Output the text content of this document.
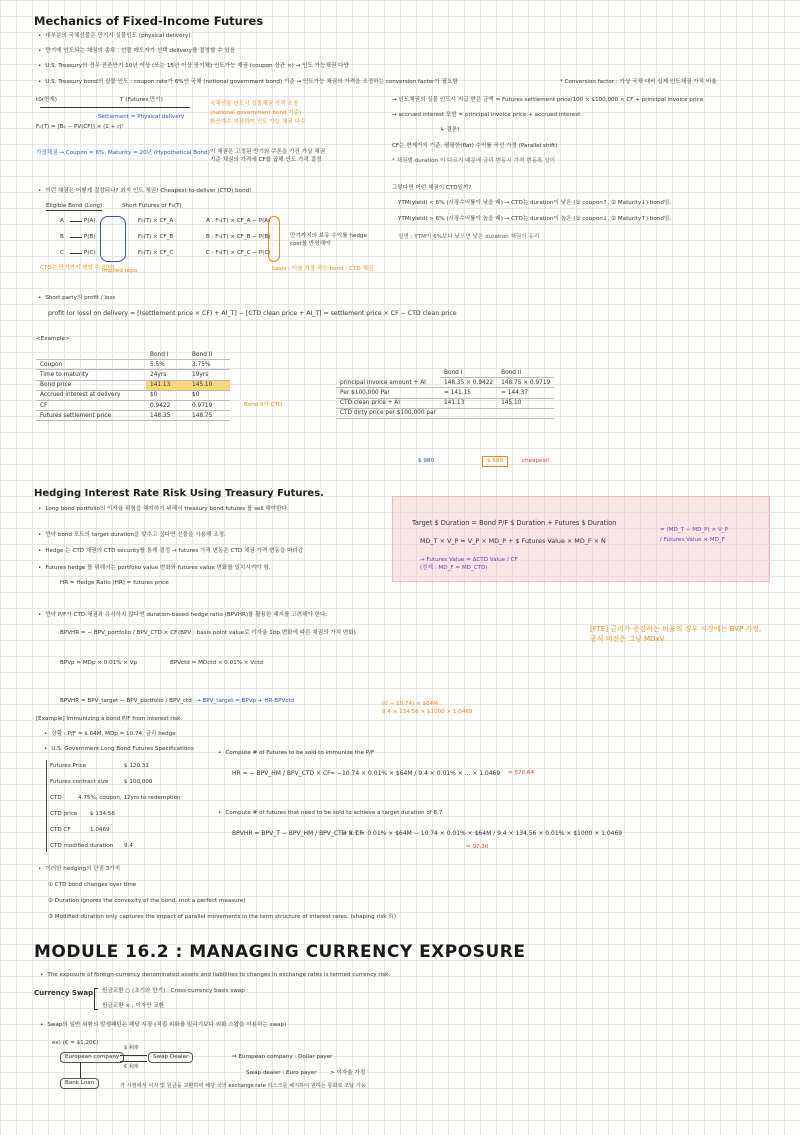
Mechanics of Fixed-Income Futures
• 대부분의 국채선물은 만기시 실물인도 (physical delivery)
• 만기에 인도되는 채권의 종류 : 선물 매도자가 선택 delivery를 결정할 수 있음
• U.S. Treasury의 경우 잔존만기 10년 이상 (또는 15년 이상 장기채) 인도가능 채권 (coupon 상관 ×) → 인도 가능채권 다양
• U.S. Treasury bond의 실물 인도 : coupon rate가 6%인 국채 (notional government bond) 기준 → 인도가능 채권의 가격을 조정하는 conversion factor가 필요함	* Conversion factor : 가상 국채 대비 실제 인도채권 가치 비율
t0(현재)	T (Futures 만기)
Settlement = Physical delivery
F₀(T) = [B₀ − PV(CF)] × (1 + r)ᵀ
가정채권 → Coupon = 6%, Maturity = 20년 (Hypothetical Bond)
국채선물 인도시 실물채권 가격 조정
(national government bond 기준)
환산계수 적용하여 인도 가능 채권 다수
이 채권은 고정된 만기와 쿠폰을 가진 가상 채권
기준 채권의 가격에 CF를 곱해 인도 가격 결정
→ 인도채권의 실물 인도시 지급 받은 금액 = Futures settlement price/100 × $100,000 × CF + principal invoice price
→ accrued interest 포함 = principal invoice price + accrued interest
↳ 결론!
CF는 현재가치 기준. 평평한(flat) 수익률 곡선 가정 (Parallel shift)
* 채권별 duration 이 다르기 때문에 금리 변동시 가격 변동폭 상이
• 이런 채권은 어떻게 결정되나? 최저 인도 채권! Cheapest-to-deliver (CTD) bond!
Eligible Bond (Long)	Short Futures of F₀(T)
A	P(A)	F₀(T) × CF_A	A : F₀(T) × CF_A − P(A)
B	P(B)	F₀(T) × CF_B	B : F₀(T) × CF_B − P(B)
C	P(C)	F₀(T) × CF_C	C : F₀(T) × CF_C − P(C)
CTD는 만기까지 변할 수 있다!
Implied repo
만기까지의 보유 수익률 hedge
cost를 반영해야
basis : 이를 가장 작은 bond : CTD 채권
• Short party의 profit / loss
profit (or loss) on delivery = [(settlement price × CF) + AI_T] − [CTD clean price + AI_T] = settlement price × CF − CTD clean price
그렇다면 어떤 채권이 CTD일까?
YTM(yield) < 6% (시장수익률이 낮을 때) → CTD는 duration이 낮은 (① coupon↑, ② Maturity↓) bond임.
YTM(yield) > 6% (시장수익률이 높을 때) → CTD는 duration이 높은 (① coupon↓, ② Maturity↑) bond임.
설명 : YTM이 6%보다 낮으면 낮은 duration 채권이 유리
<Example>
	Bond I	Bond II
Coupon	5.5%	3.75%
Time to maturity	24yrs	19yrs
Bond price	141.13	145.10
Accrued interest at delivery	$0	$0
CF	0.9422	0.9719
Futures settlement price	148.35	148.75
Bond II가 CTD
	Bond I	Bond II
principal invoice amount + AI	148.35 × 0.9422	148.75 × 0.9719
Per $100,000 Par	= 141.15	= 144.37
CTD clean price + AI	141.13	145.10
CTD dirty price per $100,000 par		
$ 980	$ 580	cheapest!
Hedging Interest Rate Risk Using Treasury Futures.
• Long bond portfolio의 이자율 위험을 헤지하기 위해서 treasury bond futures 를 sell 해야한다.
• 만약 bond 포트의 target duration을 맞추고 싶다면 선물을 사용해 조정.
• Hedge 는 CTD 채권의 CTD security를 통해 결정 → futures 가격 변동은 CTD 채권 가격 변동을 따라감
• Futures hedge 를 위해서는 portfolio value 변화와 futures value 변화를 일치시켜야 함.
HR = Hedge Ratio (HR) = futures price
Target $ Duration = Bond P/F $ Duration + Futures $ Duration
MD_T × V_P = V_P × MD_P + $ Futures Value × MD_F × N
→ Futures Value = ΔCTD Value / CF
(전제 : MD_F ≈ MD_CTD)
= (MD_T − MD_P) × V_P
/ Futures Value × MD_F
• 만약 P/F가 CTD 채권과 유사하지 않다면 duration-based hedge ratio (BPVHR)를 활용한 헤지를 고려해야 한다.
BPVHR = − BPV_portfolio / BPV_CTD × CF (BPV : basis point value로 이자율 1bp 변화에 따른 채권의 가치 변화)
BPVp = MDp × 0.01% × Vp	BPVctd = MDctd × 0.01% × Vctd
BPVHR = BPV_target − BPV_portfolio / BPV_ctd → BPV_target = BPVp + HR·BPVctd
[Example] Immunizing a bond P/F from interest risk.
• 상황 : P/F = $ 64M, MDp = 10.74, 금리 hedge
• U.S. Government Long Bond Futures Specifications
Futures Price	$ 120.31
Futures contract size	$ 100,000
CTD	4.75%, coupon, 12yrs to redemption
CTD price $ 134.56
CTD CF	1.0469
CTD modified duration 9.4
• Compute # of Futures to be sold to immunize the P/F
HR = − BPV_HM / BPV_CTD × CF = −10.74 × 0.01% × $64M / 9.4 × 0.01% × ... × 1.0469 ≈ 570.64
• Compute # of futures that need to be sold to achieve a target duration of 8.7
BPVHR = BPV_T − BPV_HM / BPV_CTD × CF
= 8.7 × 0.01% × $64M − 10.74 × 0.01% × $64M / 9.4 × 134.56 × 0.01% × $1000 × 1.0469
≈ 97.30
(0 − 10.74) × $64M
9.4 × 134.56 × $1000 × 1.0469
[FTE] 금리가 증감하는 비율의 경우 시장에는 BVP 가정, 공식 버전은 그냥 MDxV
• 이러한 hedging의 단점 3가지
① CTD bond changes over time
② Duration ignores the convexity of the bond. (not a perfect measure)
③ Modified duration only captures the impact of parallel movements in the term structure of interest rates. (shaping risk 有)
MODULE 16.2 : MANAGING CURRENCY EXPOSURE
• The exposure of foreign-currency denominated assets and liabilities to changes in exchange rates is termed currency risk.
Currency Swap 원금교환 ○ (초기와 만기) : Cross-currency basis swap
원금교환 × , 이자만 교환
• Swap의 일반 외환의 발생패턴은 해당 시장 (직접 외화를 빌리기보다 외화 스왑을 이용하는 swap)
ex) (€ = $1.20€)
European company	Swap Dealer
Bank Loan
$ 利率
€ 利率
각 시점에서 이자 및 원금을 교환하며 해당 국의 exchange rate 리스크를 헤지하여 원하는 통화로 조달 가능
⇒ European company : Dollar payer
Swap dealer : Euro payer > 이자율 가정
